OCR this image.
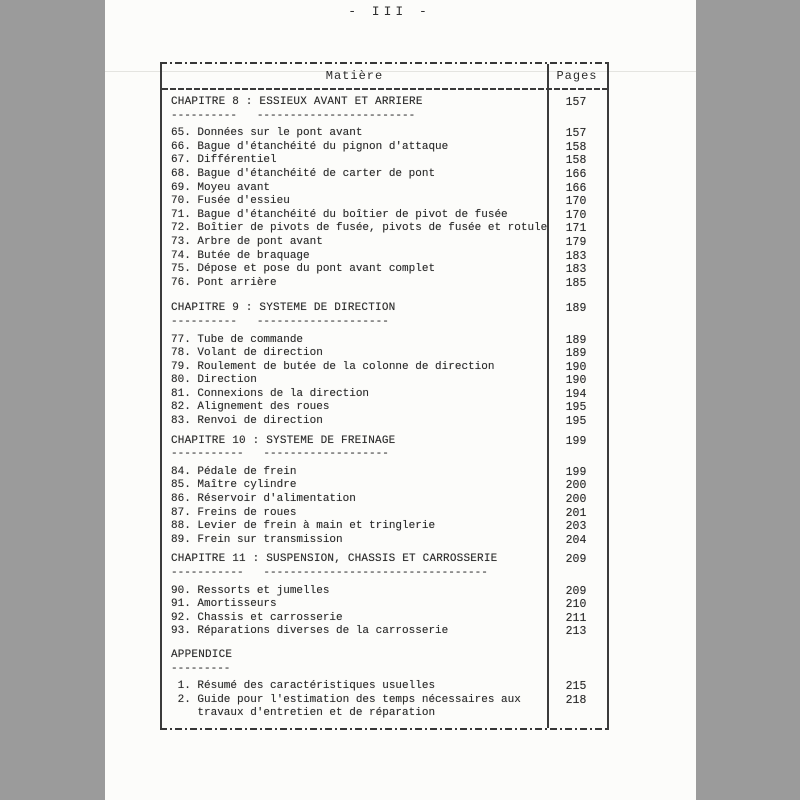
- III -
Matière	Pages
CHAPITRE 8 : ESSIEUX AVANT ET ARRIERE	157
----------   ------------------------
65. Données sur le pont avant	157
66. Bague d'étanchéité du pignon d'attaque	158
67. Différentiel	158
68. Bague d'étanchéité de carter de pont	166
69. Moyeu avant	166
70. Fusée d'essieu	170
71. Bague d'étanchéité du boîtier de pivot de fusée	170
72. Boîtier de pivots de fusée, pivots de fusée et rotule	171
73. Arbre de pont avant	179
74. Butée de braquage	183
75. Dépose et pose du pont avant complet	183
76. Pont arrière	185
CHAPITRE 9 : SYSTEME DE DIRECTION	189
----------   --------------------
77. Tube de commande	189
78. Volant de direction	189
79. Roulement de butée de la colonne de direction	190
80. Direction	190
81. Connexions de la direction	194
82. Alignement des roues	195
83. Renvoi de direction	195
CHAPITRE 10 : SYSTEME DE FREINAGE	199
-----------   -------------------
84. Pédale de frein	199
85. Maître cylindre	200
86. Réservoir d'alimentation	200
87. Freins de roues	201
88. Levier de frein à main et tringlerie	203
89. Frein sur transmission	204
CHAPITRE 11 : SUSPENSION, CHASSIS ET CARROSSERIE	209
-----------   ----------------------------------
90. Ressorts et jumelles	209
91. Amortisseurs	210
92. Chassis et carrosserie	211
93. Réparations diverses de la carrosserie	213
APPENDICE
---------
1. Résumé des caractéristiques usuelles	215
2. Guide pour l'estimation des temps nécessaires aux	218
travaux d'entretien et de réparation
